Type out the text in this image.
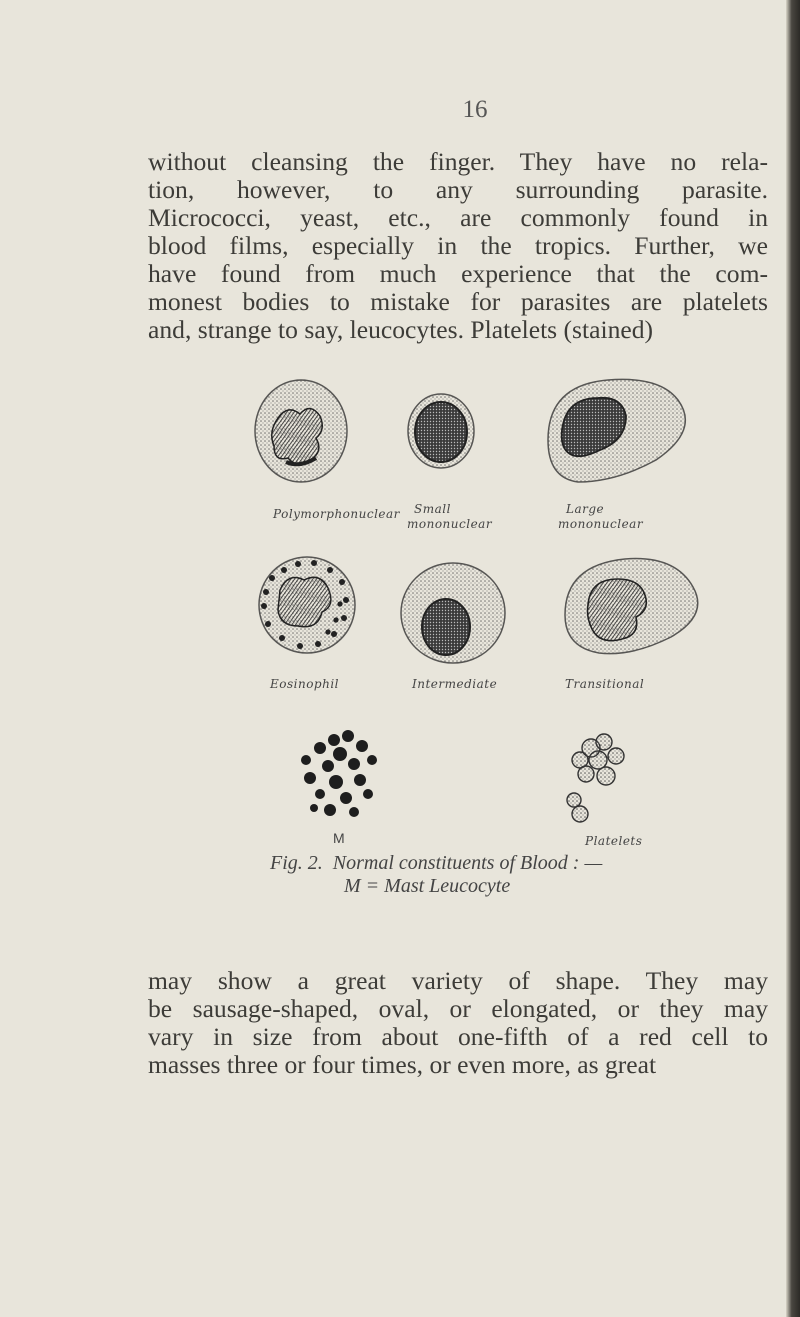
16

without cleansing the finger. They have no rela-
tion, however, to any surrounding parasite.
Micrococci, yeast, etc., are commonly found in
blood films, especially in the tropics. Further, we
have found from much experience that the com-
monest bodies to mistake for parasites are platelets
and, strange to say, leucocytes. Platelets (stained)

Polymorphonuclear Small
mononuclear
Large
mononuclear
Eosinophil	Intermediate	Transitional
Platelets
M
Fig. 2. Normal constituents of Blood : —
M = Mast Leucocyte

may show a great variety of shape. They may
be sausage-shaped, oval, or elongated, or they may
vary in size from about one-fifth of a red cell to
masses three or four times, or even more, as great
